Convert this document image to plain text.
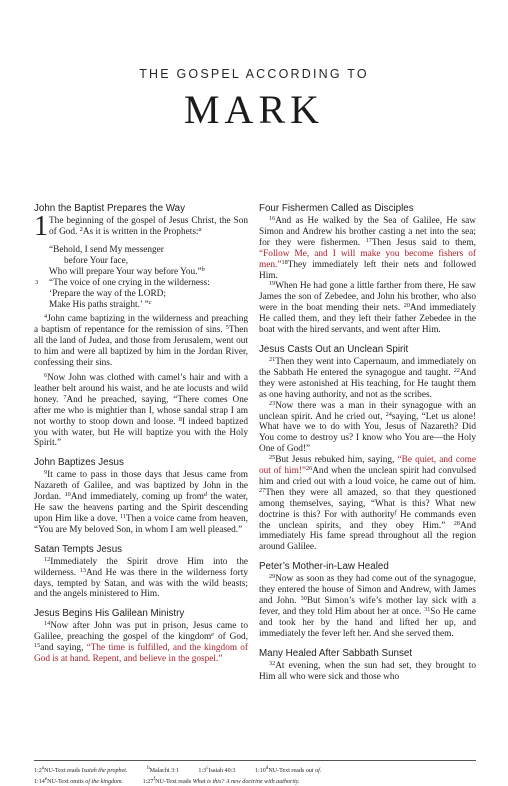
THE GOSPEL ACCORDING TO
MARK
John the Baptist Prepares the Way
1 The beginning of the gospel of Jesus Christ, the Son of God. $^2$As it is written in the Prophets:$^a$
“Behold, I send My messenger
before Your face,
Who will prepare Your way before You.”$^b$
3 “The voice of one crying in the wilderness:
‘Prepare the way of the LORD;
Make His paths straight.’ ”$^c$

$^4$John came baptizing in the wilderness and preaching a baptism of repentance for the remission of sins. $^5$Then all the land of Judea, and those from Jerusalem, went out to him and were all baptized by him in the Jordan River, confessing their sins.

$^6$Now John was clothed with camel’s hair and with a leather belt around his waist, and he ate locusts and wild honey. $^7$And he preached, saying, “There comes One after me who is mightier than I, whose sandal strap I am not worthy to stoop down and loose. $^8$I indeed baptized you with water, but He will baptize you with the Holy Spirit.”

John Baptizes Jesus

$^9$It came to pass in those days that Jesus came from Nazareth of Galilee, and was baptized by John in the Jordan. $^{10}$And immediately, coming up from$^d$ the water, He saw the heavens parting and the Spirit descending upon Him like a dove. $^{11}$Then a voice came from heaven, “You are My beloved Son, in whom I am well pleased.”

Satan Tempts Jesus

$^{12}$Immediately the Spirit drove Him into the wilderness. $^{13}$And He was there in the wilderness forty days, tempted by Satan, and was with the wild beasts; and the angels ministered to Him.

Jesus Begins His Galilean Ministry

$^{14}$Now after John was put in prison, Jesus came to Galilee, preaching the gospel of the kingdom$^e$ of God, $^{15}$and saying, “The time is fulfilled, and the kingdom of God is at hand. Repent, and believe in the gospel.”

Four Fishermen Called as Disciples

$^{16}$And as He walked by the Sea of Galilee, He saw Simon and Andrew his brother casting a net into the sea; for they were fishermen. $^{17}$Then Jesus said to them, “Follow Me, and I will make you become fishers of men.”$^{18}$They immediately left their nets and followed Him.

$^{19}$When He had gone a little farther from there, He saw James the son of Zebedee, and John his brother, who also were in the boat mending their nets. $^{20}$And immediately He called them, and they left their father Zebedee in the boat with the hired servants, and went after Him.

Jesus Casts Out an Unclean Spirit

$^{21}$Then they went into Capernaum, and immediately on the Sabbath He entered the synagogue and taught. $^{22}$And they were astonished at His teaching, for He taught them as one having authority, and not as the scribes.

$^{23}$Now there was a man in their synagogue with an unclean spirit. And he cried out, $^{24}$saying, “Let us alone! What have we to do with You, Jesus of Nazareth? Did You come to destroy us? I know who You are—the Holy One of God!”

$^{25}$But Jesus rebuked him, saying, “Be quiet, and come out of him!”$^{26}$And when the unclean spirit had convulsed him and cried out with a loud voice, he came out of him. $^{27}$Then they were all amazed, so that they questioned among themselves, saying, “What is this? What new doctrine is this? For with authority$^f$ He commands even the unclean spirits, and they obey Him.” $^{28}$And immediately His fame spread throughout all the region around Galilee.

Peter’s Mother-in-Law Healed

$^{29}$Now as soon as they had come out of the synagogue, they entered the house of Simon and Andrew, with James and John. $^{30}$But Simon’s wife’s mother lay sick with a fever, and they told Him about her at once. $^{31}$So He came and took her by the hand and lifted her up, and immediately the fever left her. And she served them.

Many Healed After Sabbath Sunset

$^{32}$At evening, when the sun had set, they brought to Him all who were sick and those who

1:2$^a$NU-Text reads Isaiah the prophet. $^b$Malachi 3:1	1:3$^c$Isaiah 40:3	1:10$^d$NU-Text reads out of.
1:14eNU-Text omits of the kingdom.	1:27$^f$NU-Text reads What is this? A new doctrine with authority.
